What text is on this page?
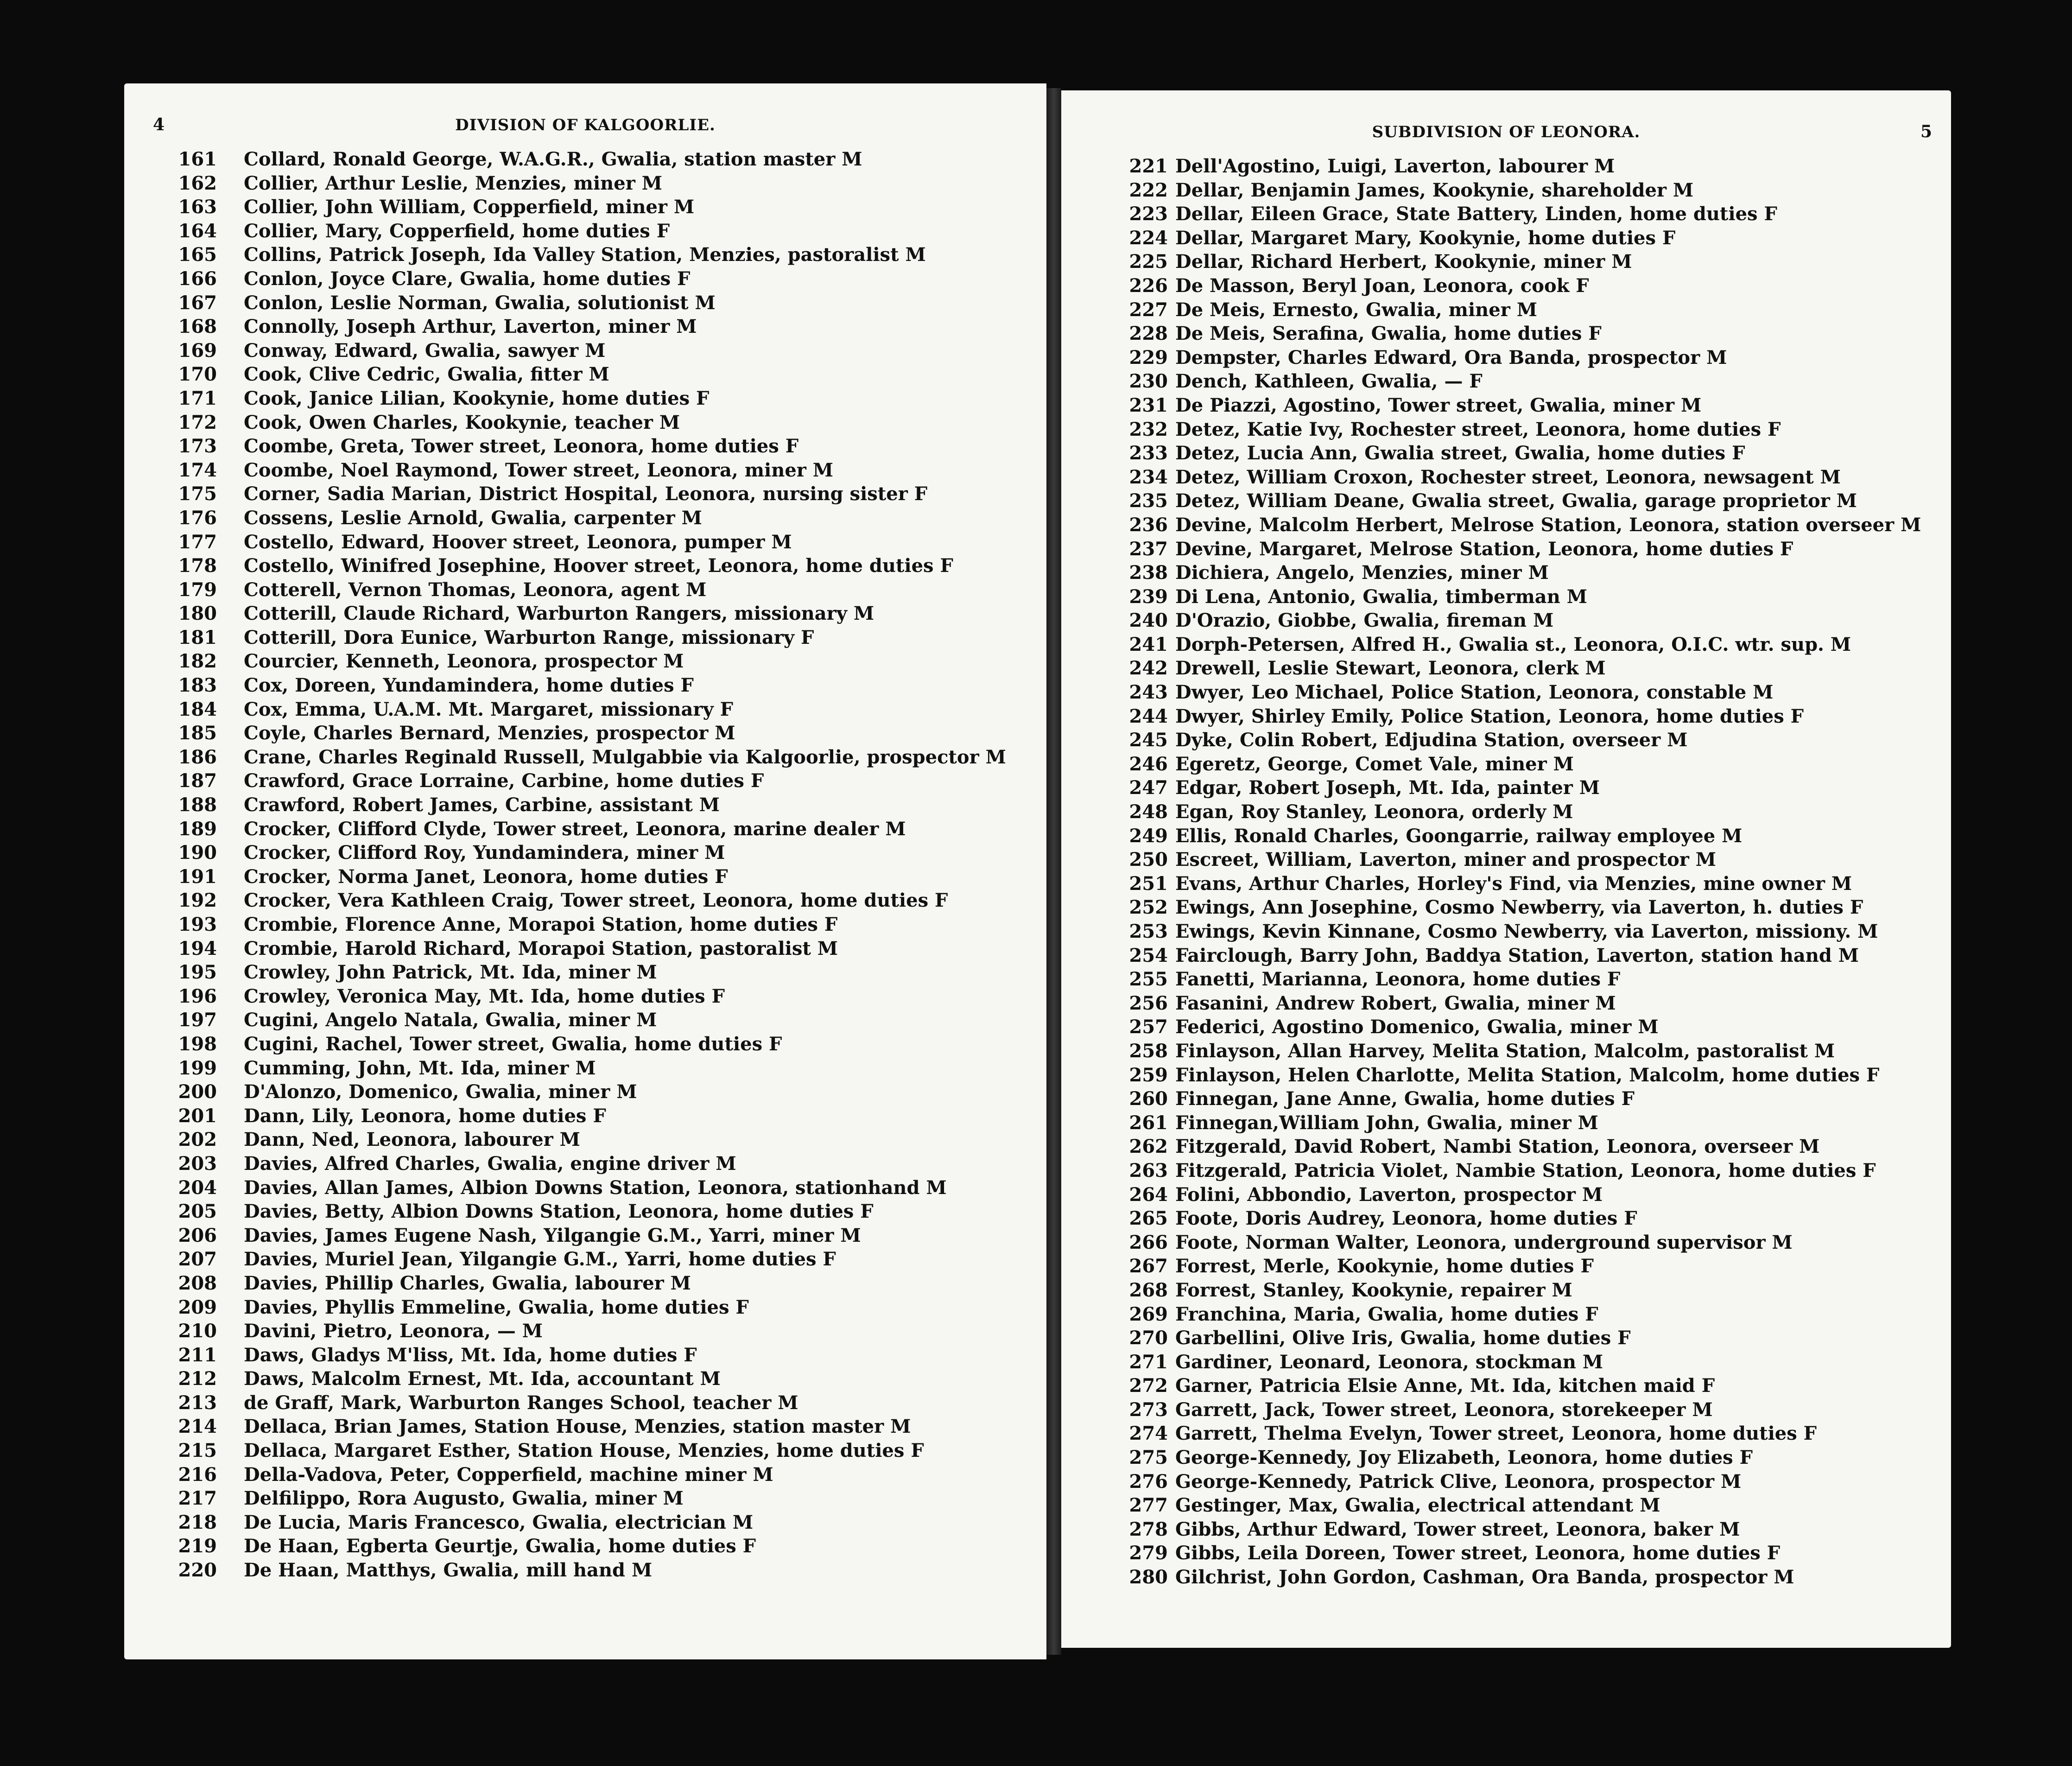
4	DIVISION OF KALGOORLIE.
161 Collard, Ronald George, W.A.G.R., Gwalia, station master M
162 Collier, Arthur Leslie, Menzies, miner M
163 Collier, John William, Copperfield, miner M
164 Collier, Mary, Copperfield, home duties F
165 Collins, Patrick Joseph, Ida Valley Station, Menzies, pastoralist M
166 Conlon, Joyce Clare, Gwalia, home duties F
167 Conlon, Leslie Norman, Gwalia, solutionist M
168 Connolly, Joseph Arthur, Laverton, miner M
169 Conway, Edward, Gwalia, sawyer M
170 Cook, Clive Cedric, Gwalia, fitter M
171 Cook, Janice Lilian, Kookynie, home duties F
172 Cook, Owen Charles, Kookynie, teacher M
173 Coombe, Greta, Tower street, Leonora, home duties F
174 Coombe, Noel Raymond, Tower street, Leonora, miner M
175 Corner, Sadia Marian, District Hospital, Leonora, nursing sister F
176 Cossens, Leslie Arnold, Gwalia, carpenter M
177 Costello, Edward, Hoover street, Leonora, pumper M
178 Costello, Winifred Josephine, Hoover street, Leonora, home duties F
179 Cotterell, Vernon Thomas, Leonora, agent M
180 Cotterill, Claude Richard, Warburton Rangers, missionary M
181 Cotterill, Dora Eunice, Warburton Range, missionary F
182 Courcier, Kenneth, Leonora, prospector M
183 Cox, Doreen, Yundamindera, home duties F
184 Cox, Emma, U.A.M. Mt. Margaret, missionary F
185 Coyle, Charles Bernard, Menzies, prospector M
186 Crane, Charles Reginald Russell, Mulgabbie via Kalgoorlie, prospector M
187 Crawford, Grace Lorraine, Carbine, home duties F
188 Crawford, Robert James, Carbine, assistant M
189 Crocker, Clifford Clyde, Tower street, Leonora, marine dealer M
190 Crocker, Clifford Roy, Yundamindera, miner M
191 Crocker, Norma Janet, Leonora, home duties F
192 Crocker, Vera Kathleen Craig, Tower street, Leonora, home duties F
193 Crombie, Florence Anne, Morapoi Station, home duties F
194 Crombie, Harold Richard, Morapoi Station, pastoralist M
195 Crowley, John Patrick, Mt. Ida, miner M
196 Crowley, Veronica May, Mt. Ida, home duties F
197 Cugini, Angelo Natala, Gwalia, miner M
198 Cugini, Rachel, Tower street, Gwalia, home duties F
199 Cumming, John, Mt. Ida, miner M
200 D'Alonzo, Domenico, Gwalia, miner M
201 Dann, Lily, Leonora, home duties F
202 Dann, Ned, Leonora, labourer M
203 Davies, Alfred Charles, Gwalia, engine driver M
204 Davies, Allan James, Albion Downs Station, Leonora, stationhand M
205 Davies, Betty, Albion Downs Station, Leonora, home duties F
206 Davies, James Eugene Nash, Yilgangie G.M., Yarri, miner M
207 Davies, Muriel Jean, Yilgangie G.M., Yarri, home duties F
208 Davies, Phillip Charles, Gwalia, labourer M
209 Davies, Phyllis Emmeline, Gwalia, home duties F
210 Davini, Pietro, Leonora, — M
211 Daws, Gladys M'liss, Mt. Ida, home duties F
212 Daws, Malcolm Ernest, Mt. Ida, accountant M
213 de Graff, Mark, Warburton Ranges School, teacher M
214 Dellaca, Brian James, Station House, Menzies, station master M
215 Dellaca, Margaret Esther, Station House, Menzies, home duties F
216 Della-Vadova, Peter, Copperfield, machine miner M
217 Delfilippo, Rora Augusto, Gwalia, miner M
218 De Lucia, Maris Francesco, Gwalia, electrician M
219 De Haan, Egberta Geurtje, Gwalia, home duties F
220 De Haan, Matthys, Gwalia, mill hand M
SUBDIVISION OF LEONORA.	5
221 Dell'Agostino, Luigi, Laverton, labourer M
222 Dellar, Benjamin James, Kookynie, shareholder M
223 Dellar, Eileen Grace, State Battery, Linden, home duties F
224 Dellar, Margaret Mary, Kookynie, home duties F
225 Dellar, Richard Herbert, Kookynie, miner M
226 De Masson, Beryl Joan, Leonora, cook F
227 De Meis, Ernesto, Gwalia, miner M
228 De Meis, Serafina, Gwalia, home duties F
229 Dempster, Charles Edward, Ora Banda, prospector M
230 Dench, Kathleen, Gwalia, — F
231 De Piazzi, Agostino, Tower street, Gwalia, miner M
232 Detez, Katie Ivy, Rochester street, Leonora, home duties F
233 Detez, Lucia Ann, Gwalia street, Gwalia, home duties F
234 Detez, William Croxon, Rochester street, Leonora, newsagent M
235 Detez, William Deane, Gwalia street, Gwalia, garage proprietor M
236 Devine, Malcolm Herbert, Melrose Station, Leonora, station overseer M
237 Devine, Margaret, Melrose Station, Leonora, home duties F
238 Dichiera, Angelo, Menzies, miner M
239 Di Lena, Antonio, Gwalia, timberman M
240 D'Orazio, Giobbe, Gwalia, fireman M
241 Dorph-Petersen, Alfred H., Gwalia st., Leonora, O.I.C. wtr. sup. M
242 Drewell, Leslie Stewart, Leonora, clerk M
243 Dwyer, Leo Michael, Police Station, Leonora, constable M
244 Dwyer, Shirley Emily, Police Station, Leonora, home duties F
245 Dyke, Colin Robert, Edjudina Station, overseer M
246 Egeretz, George, Comet Vale, miner M
247 Edgar, Robert Joseph, Mt. Ida, painter M
248 Egan, Roy Stanley, Leonora, orderly M
249 Ellis, Ronald Charles, Goongarrie, railway employee M
250 Escreet, William, Laverton, miner and prospector M
251 Evans, Arthur Charles, Horley's Find, via Menzies, mine owner M
252 Ewings, Ann Josephine, Cosmo Newberry, via Laverton, h. duties F
253 Ewings, Kevin Kinnane, Cosmo Newberry, via Laverton, missiony. M
254 Fairclough, Barry John, Baddya Station, Laverton, station hand M
255 Fanetti, Marianna, Leonora, home duties F
256 Fasanini, Andrew Robert, Gwalia, miner M
257 Federici, Agostino Domenico, Gwalia, miner M
258 Finlayson, Allan Harvey, Melita Station, Malcolm, pastoralist M
259 Finlayson, Helen Charlotte, Melita Station, Malcolm, home duties F
260 Finnegan, Jane Anne, Gwalia, home duties F
261 Finnegan,William John, Gwalia, miner M
262 Fitzgerald, David Robert, Nambi Station, Leonora, overseer M
263 Fitzgerald, Patricia Violet, Nambie Station, Leonora, home duties F
264 Folini, Abbondio, Laverton, prospector M
265 Foote, Doris Audrey, Leonora, home duties F
266 Foote, Norman Walter, Leonora, underground supervisor M
267 Forrest, Merle, Kookynie, home duties F
268 Forrest, Stanley, Kookynie, repairer M
269 Franchina, Maria, Gwalia, home duties F
270 Garbellini, Olive Iris, Gwalia, home duties F
271 Gardiner, Leonard, Leonora, stockman M
272 Garner, Patricia Elsie Anne, Mt. Ida, kitchen maid F
273 Garrett, Jack, Tower street, Leonora, storekeeper M
274 Garrett, Thelma Evelyn, Tower street, Leonora, home duties F
275 George-Kennedy, Joy Elizabeth, Leonora, home duties F
276 George-Kennedy, Patrick Clive, Leonora, prospector M
277 Gestinger, Max, Gwalia, electrical attendant M
278 Gibbs, Arthur Edward, Tower street, Leonora, baker M
279 Gibbs, Leila Doreen, Tower street, Leonora, home duties F
280 Gilchrist, John Gordon, Cashman, Ora Banda, prospector M
